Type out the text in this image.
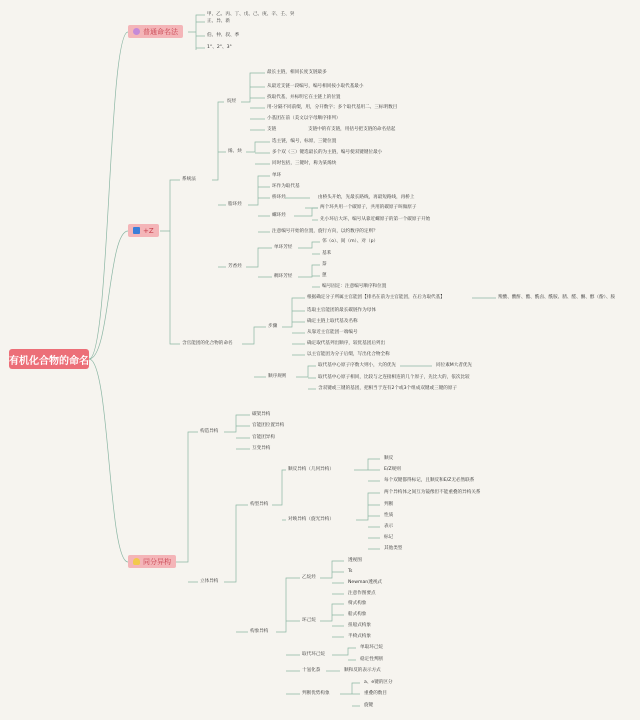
有机化合物的命名
普通命名法
甲、乙、丙、丁、戊、己、庚、辛、壬、癸
正、异、新
伯、仲、叔、季
1°、2°、3°
+Z
系统法
烷烃
最长主链，相同长度支链最多
从最近支链一段编号，编号相同按小取代基最小
找取代基，并标明它在主链上的位置
用-分隔不同前缀，用，分开数字；多个取代基用二、三标明数目
小基团在前（美文以字母顺序排列）
支链	支链中的有支链，用括号把支链的命名括起
烯、炔
选主链，编号，标原，三键位置
多个双（三）键选最长的为主链，编号使双键键位最小
同时包括，三键时，称为某烯炔
脂环烃
单环
环作为取代基
桥环烃	由桥头开始，先最长路线，再最短路线，再桥上
螺环烃
两个环共用一个碳原子，共用的碳原子叫做原子
先小环后大环，编号从靠近螺原子的第一个碳原子开始
注意编号开始的位置，旋行方向，以约数序的定则？
芳香烃
单环芳烃
邻（o）、间（m）、对（p）
基苯
稠环芳烃
萘
蒽
编号固定：注意编号顺序和位置
含官能团的化合物的命名
步骤
根据确定分子所属主官能团【排名在前为主官能团，在后为取代基】	羧酸、酸酐、酯、酰卤、酰胺、腈、醛、酮、醇（酚）、胺
选取主官能团的最长碳链作为母体
确定主链上取代基及名称
从靠近主官能团一端编号
确定取代基列出顺序，较优基团后列出
以主官能团为分子后缀，写出化合物全称
顺序规则
取代基中心原子序数大则小，大的优先	同位素M大者优先
取代基中心原子相同，比较与之连接相连的几个原子，先比大的，依次比较
含双键或三键的基团，把相当于连有2个或3个组成双键或三键的原子
同分异构
构造异构
碳架异构
官能团位置异构
官能团异构
互变异构
立体异构
构型异构
顺反异构（几何异构）
顺反
E/Z规则
每个双键都得标记，且顺反和E/Z无必然联系
对映异构（旋光异构）
两个异构体之间互为镜像但不能重叠的异构关系
判断
性质
表示
标记
其他类型
构象异构
乙烷烃
透视图
Ts
Newman透视式
注意作图要点
环己烷
椅式构象
船式构象
扭船式构象
半椅式构象
取代环己烷
单取环己烷
稳定性判断
十氢化萘	顺和反的表示方式
判断优势构象
a、e键的区分
重叠的数目
旋键
